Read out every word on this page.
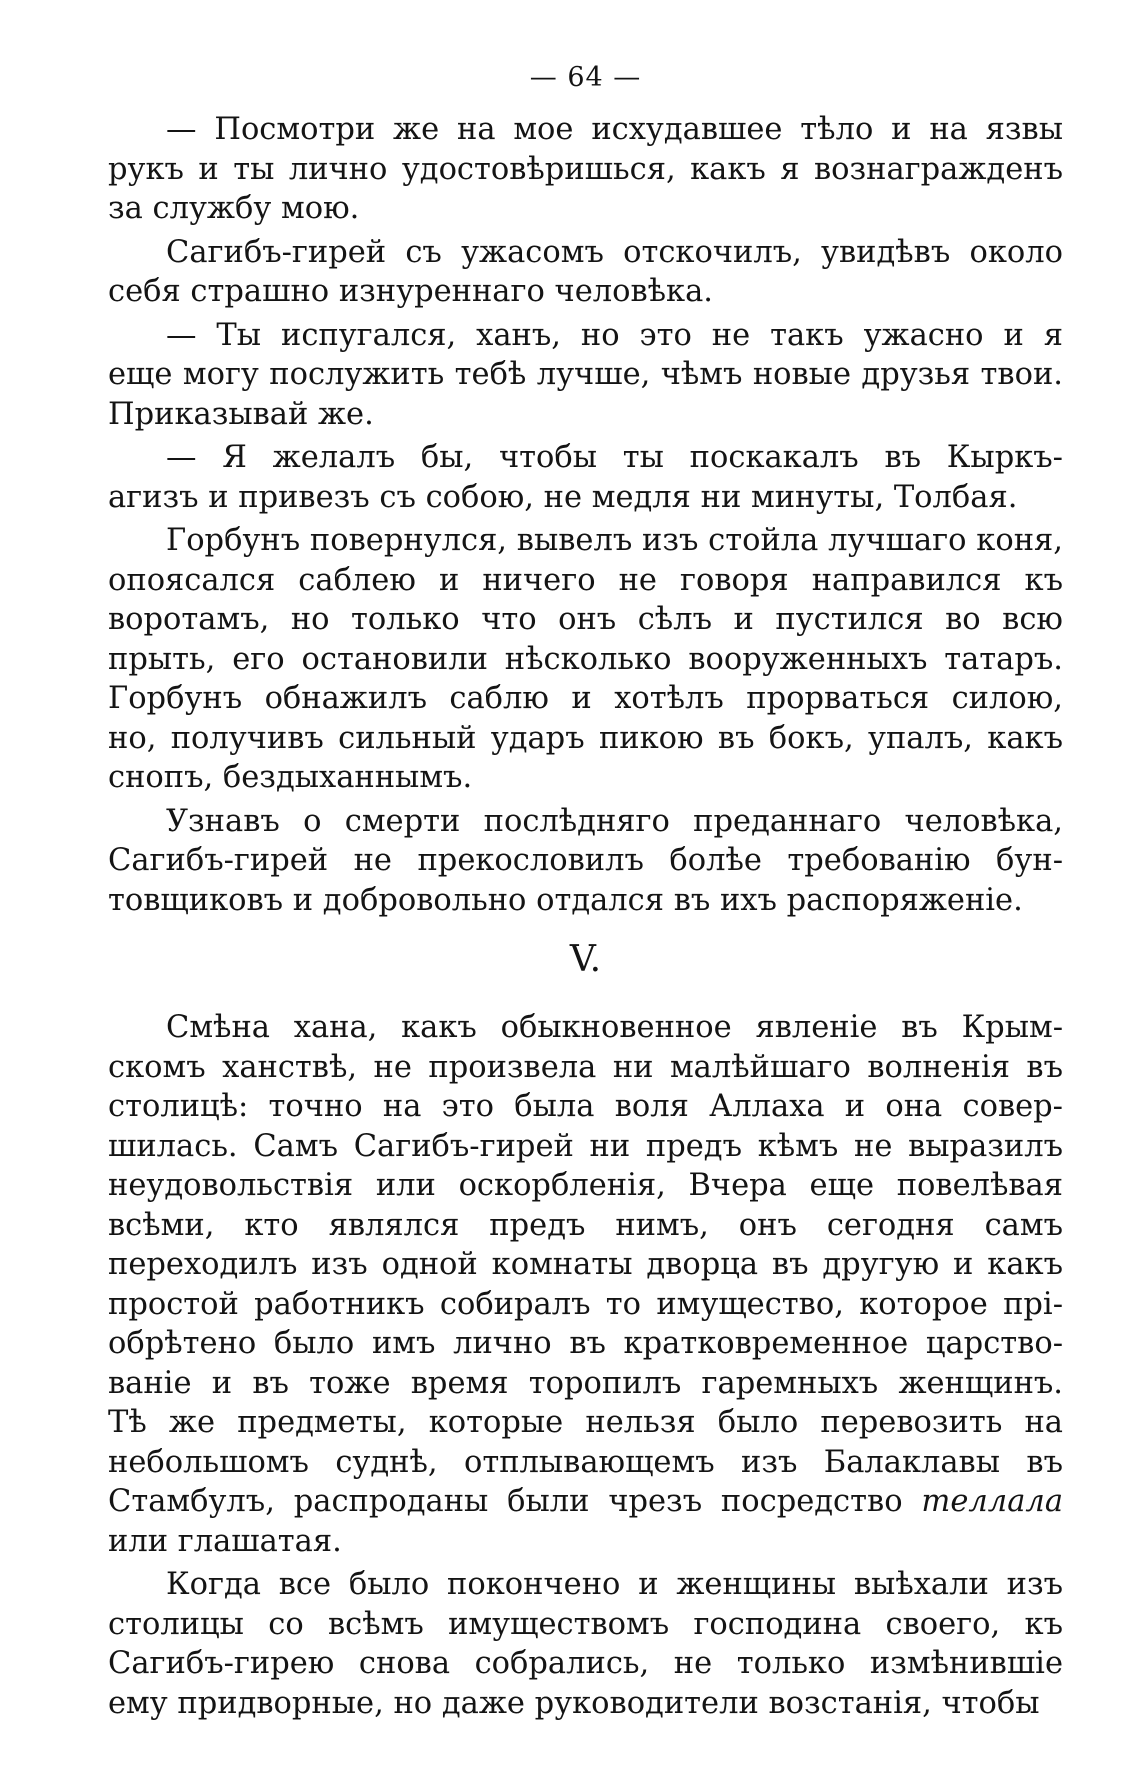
— 64 —

— Посмотри же на мое исхудавшее тѣло и на язвы
рукъ и ты лично удостовѣришься, какъ я вознагражденъ
за службу мою.

Сагибъ-гирей съ ужасомъ отскочилъ, увидѣвъ около
себя страшно изнуреннаго человѣка.

— Ты испугался, ханъ, но это не такъ ужасно и я
еще могу послужить тебѣ лучше, чѣмъ новые друзья твои.
Приказывай же.

— Я желалъ бы, чтобы ты поскакалъ въ Кыркъ-
агизъ и привезъ съ собою, не медля ни минуты, Толбая.

Горбунъ повернулся, вывелъ изъ стойла лучшаго коня,
опоясался саблею и ничего не говоря направился къ
воротамъ, но только что онъ сѣлъ и пустился во всю
прыть, его остановили нѣсколько вооруженныхъ татаръ.
Горбунъ обнажилъ саблю и хотѣлъ прорваться силою,
но, получивъ сильный ударъ пикою въ бокъ, упалъ, какъ
снопъ, бездыханнымъ.

Узнавъ о смерти послѣдняго преданнаго человѣка,
Сагибъ-гирей не прекословилъ болѣе требованію бун-
товщиковъ и добровольно отдался въ ихъ распоряженіе.

V.

Смѣна хана, какъ обыкновенное явленіе въ Крым-
скомъ ханствѣ, не произвела ни малѣйшаго волненія въ
столицѣ: точно на это была воля Аллаха и она совер-
шилась. Самъ Сагибъ-гирей ни предъ кѣмъ не выразилъ
неудовольствія или оскорбленія, Вчера еще повелѣвая
всѣми, кто являлся предъ нимъ, онъ сегодня самъ
переходилъ изъ одной комнаты дворца въ другую и какъ
простой работникъ собиралъ то имущество, которое прі-
обрѣтено было имъ лично въ кратковременное царство-
ваніе и въ тоже время торопилъ гаремныхъ женщинъ.
Тѣ же предметы, которые нельзя было перевозить на
небольшомъ суднѣ, отплывающемъ изъ Балаклавы въ
Стамбулъ, распроданы были чрезъ посредство теллала
или глашатая.

Когда все было покончено и женщины выѣхали изъ
столицы со всѣмъ имуществомъ господина своего, къ
Сагибъ-гирею снова собрались, не только измѣнившіе
ему придворные, но даже руководители возстанія, чтобы
